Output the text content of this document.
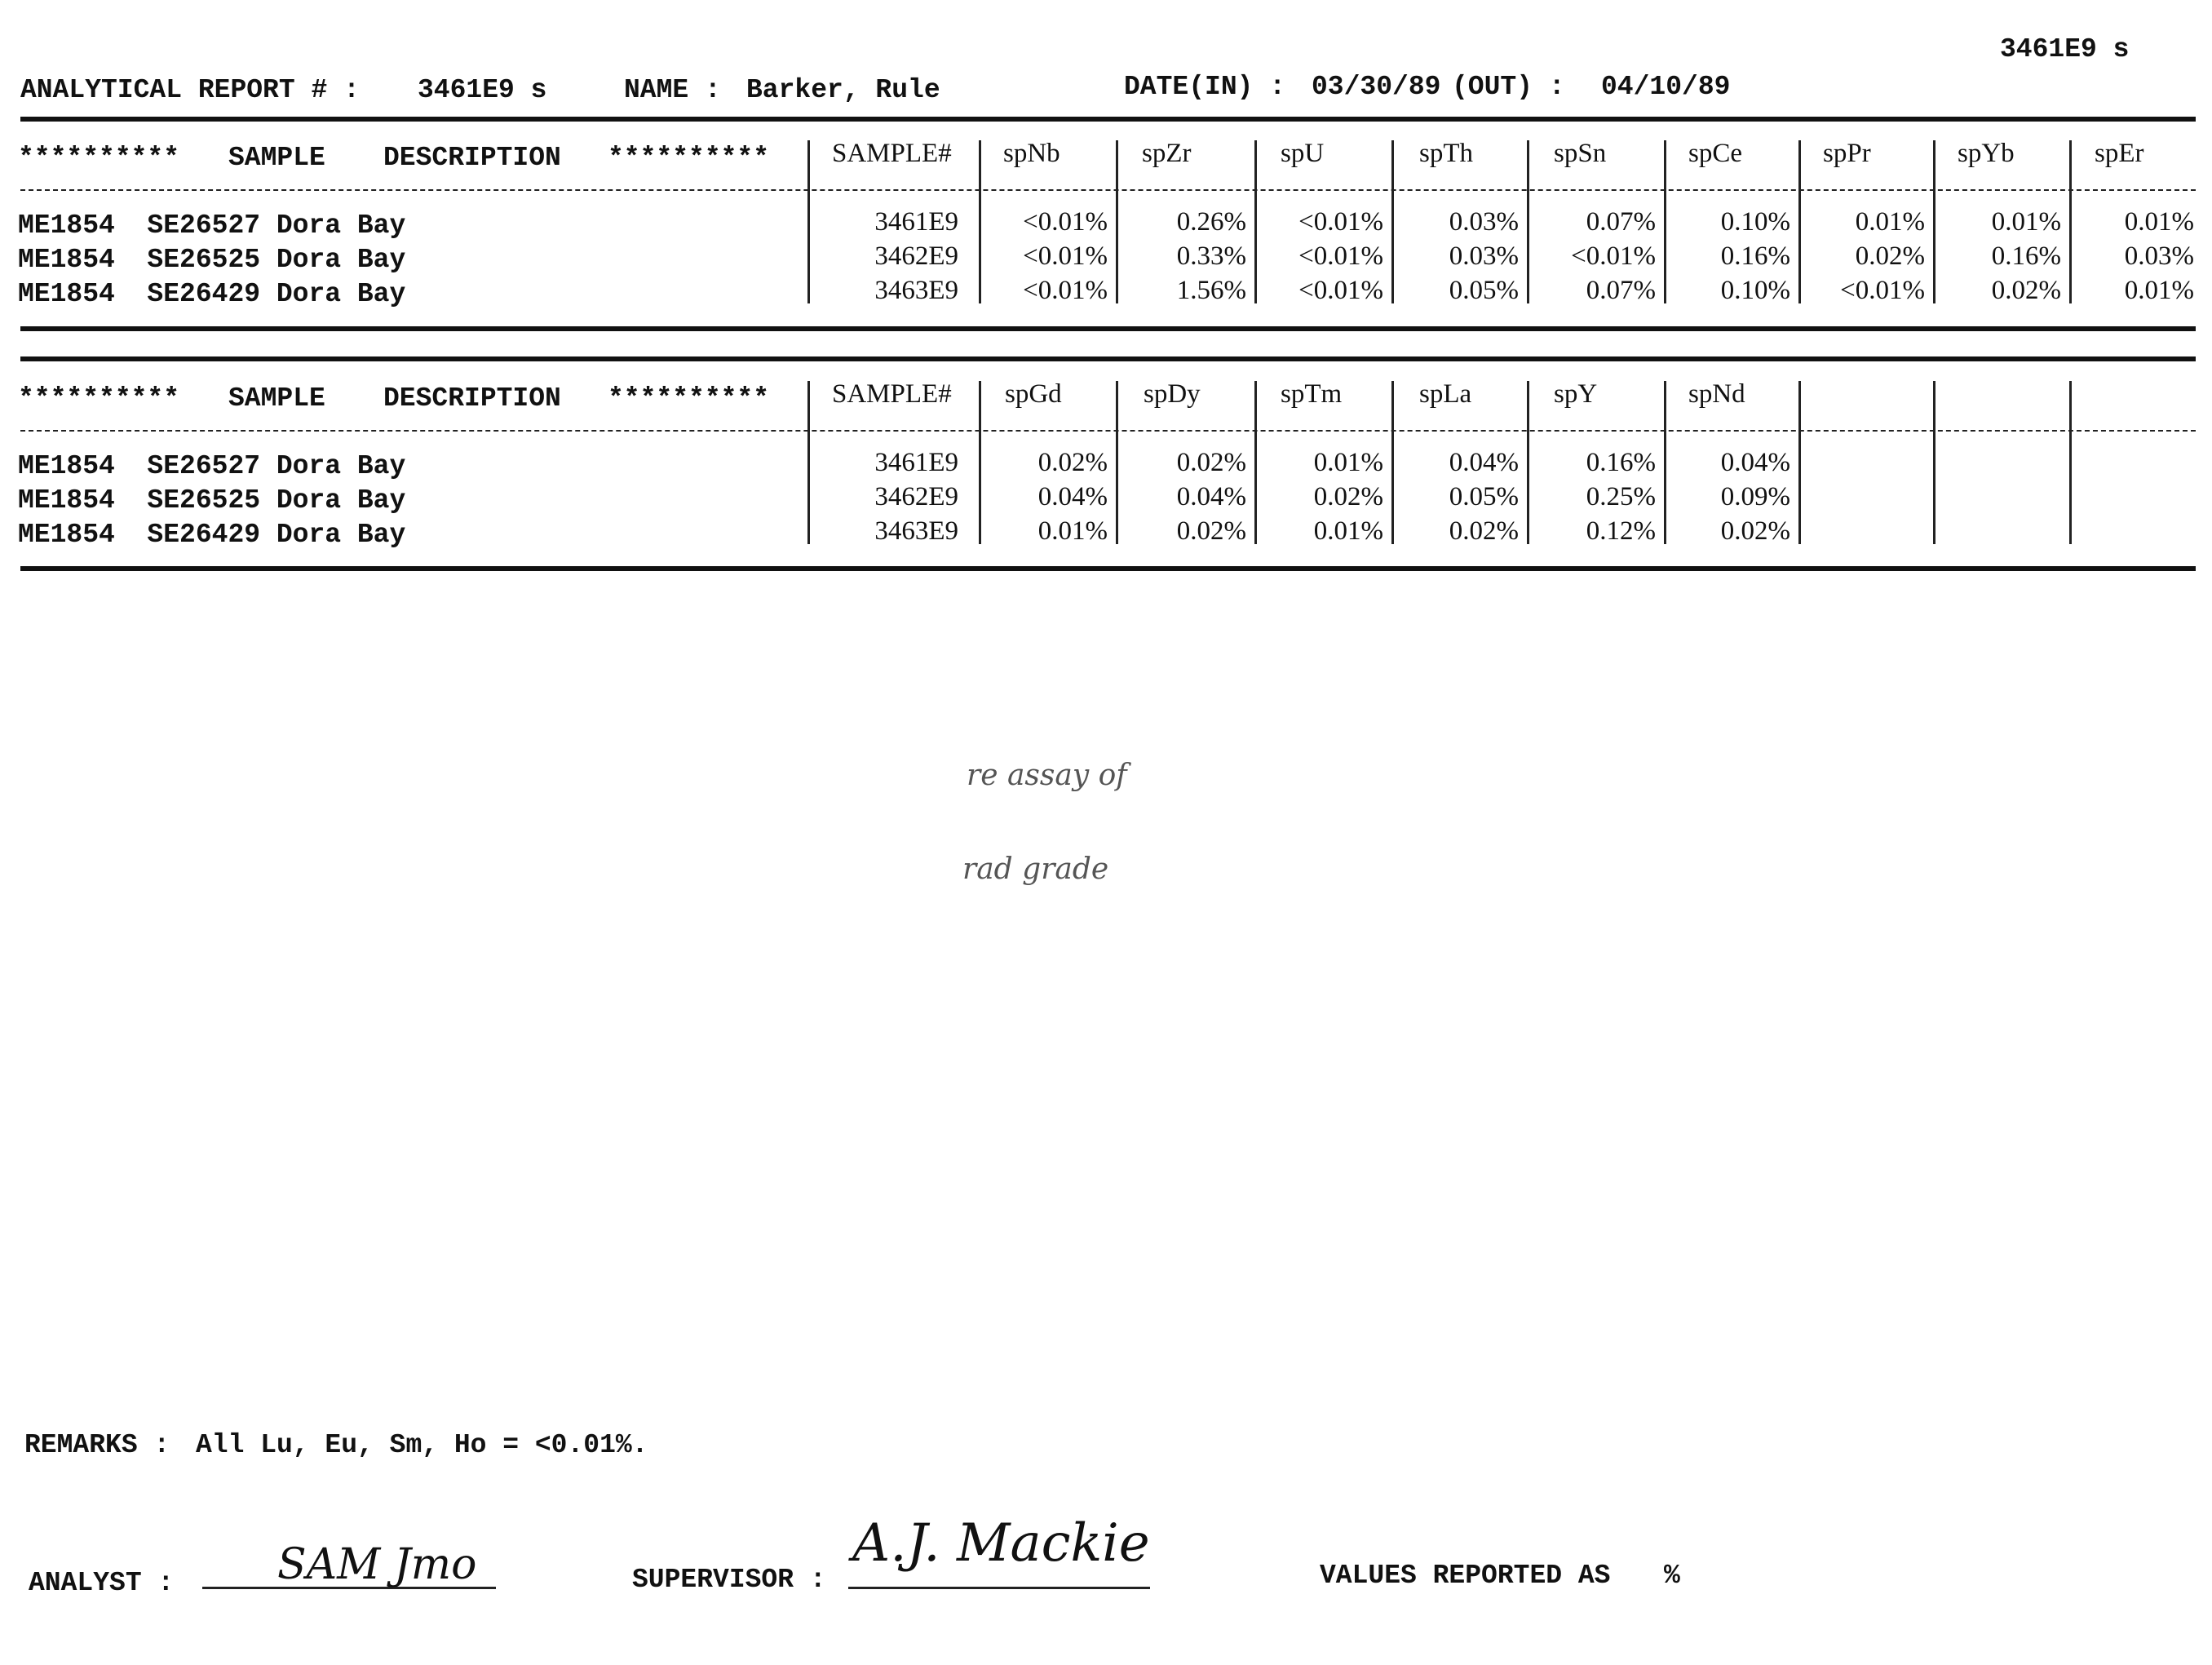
3461E9 s
ANALYTICAL REPORT # : 3461E9 s	NAME : Barker, Rule	DATE(IN) : 03/30/89 (OUT) : 04/10/89
********** SAMPLE DESCRIPTION ********** SAMPLE# spNb	spZr	spU	spTh	spSn	spCe	spPr	spYb	spEr
ME1854  SE26527 Dora Bay	3461E9	<0.01%	0.26%	<0.01%	0.03%	0.07%	0.10%	0.01%	0.01%	0.01%
ME1854  SE26525 Dora Bay	3462E9	<0.01%	0.33%	<0.01%	0.03%	<0.01%	0.16%	0.02%	0.16%	0.03%
ME1854  SE26429 Dora Bay	3463E9	<0.01%	1.56%	<0.01%	0.05%	0.07%	0.10%	<0.01%	0.02%	0.01%
********** SAMPLE DESCRIPTION ********** SAMPLE# spGd	spDy	spTm	spLa	spY	spNd
ME1854  SE26527 Dora Bay	3461E9	0.02%	0.02%	0.01%	0.04%	0.16%	0.04%
ME1854  SE26525 Dora Bay	3462E9	0.04%	0.04%	0.02%	0.05%	0.25%	0.09%
ME1854  SE26429 Dora Bay	3463E9	0.01%	0.02%	0.01%	0.02%	0.12%	0.02%
re assay of
rad grade
REMARKS : All Lu, Eu, Sm, Ho = <0.01%.
ANALYST : SAM Jmo	SUPERVISOR :
A.J. Mackie
VALUES REPORTED AS %
